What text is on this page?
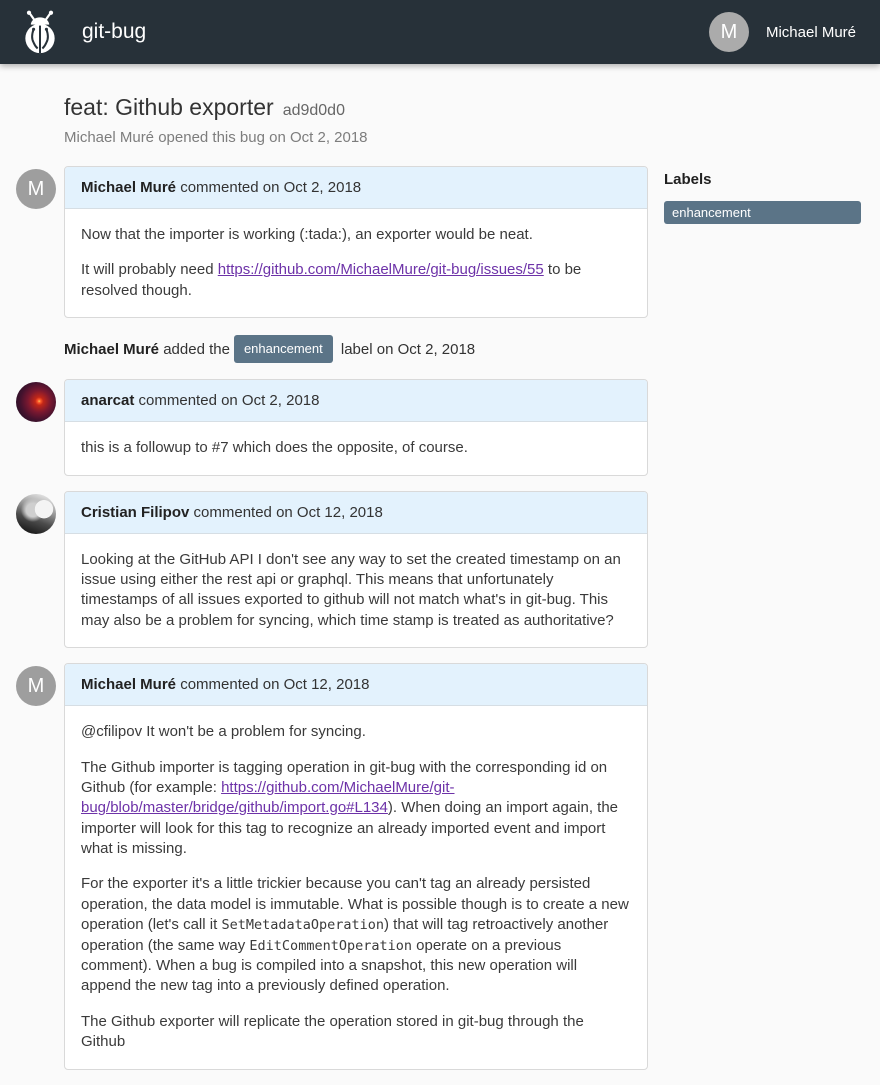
git-bug	M	Michael Muré
feat: Github exporter ad9d0d0
Michael Muré opened this bug on Oct 2, 2018
M	Michael Muré commented on Oct 2, 2018

Now that the importer is working (:tada:), an exporter would be neat.

It will probably need https://github.com/MichaelMure/git-bug/issues/55 to be resolved though.

Michael Muré added the enhancement label on Oct 2, 2018
anarcat commented on Oct 2, 2018

this is a followup to #7 which does the opposite, of course.

Cristian Filipov commented on Oct 12, 2018

Looking at the GitHub API I don't see any way to set the created timestamp on an issue using either the rest api or graphql. This means that unfortunately timestamps of all issues exported to github will not match what's in git-bug. This may also be a problem for syncing, which time stamp is treated as authoritative?

M	Michael Muré commented on Oct 12, 2018

@cfilipov It won't be a problem for syncing.

The Github importer is tagging operation in git-bug with the corresponding id on Github (for example: https://github.com/MichaelMure/git-bug/blob/master/bridge/github/import.go#L134). When doing an import again, the importer will look for this tag to recognize an already imported event and import what is missing.

For the exporter it's a little trickier because you can't tag an already persisted operation, the data model is immutable. What is possible though is to create a new operation (let's call it SetMetadataOperation) that will tag retroactively another operation (the same way EditCommentOperation operate on a previous comment). When a bug is compiled into a snapshot, this new operation will append the new tag into a previously defined operation.

The Github exporter will replicate the operation stored in git-bug through the Github

Labels
enhancement
